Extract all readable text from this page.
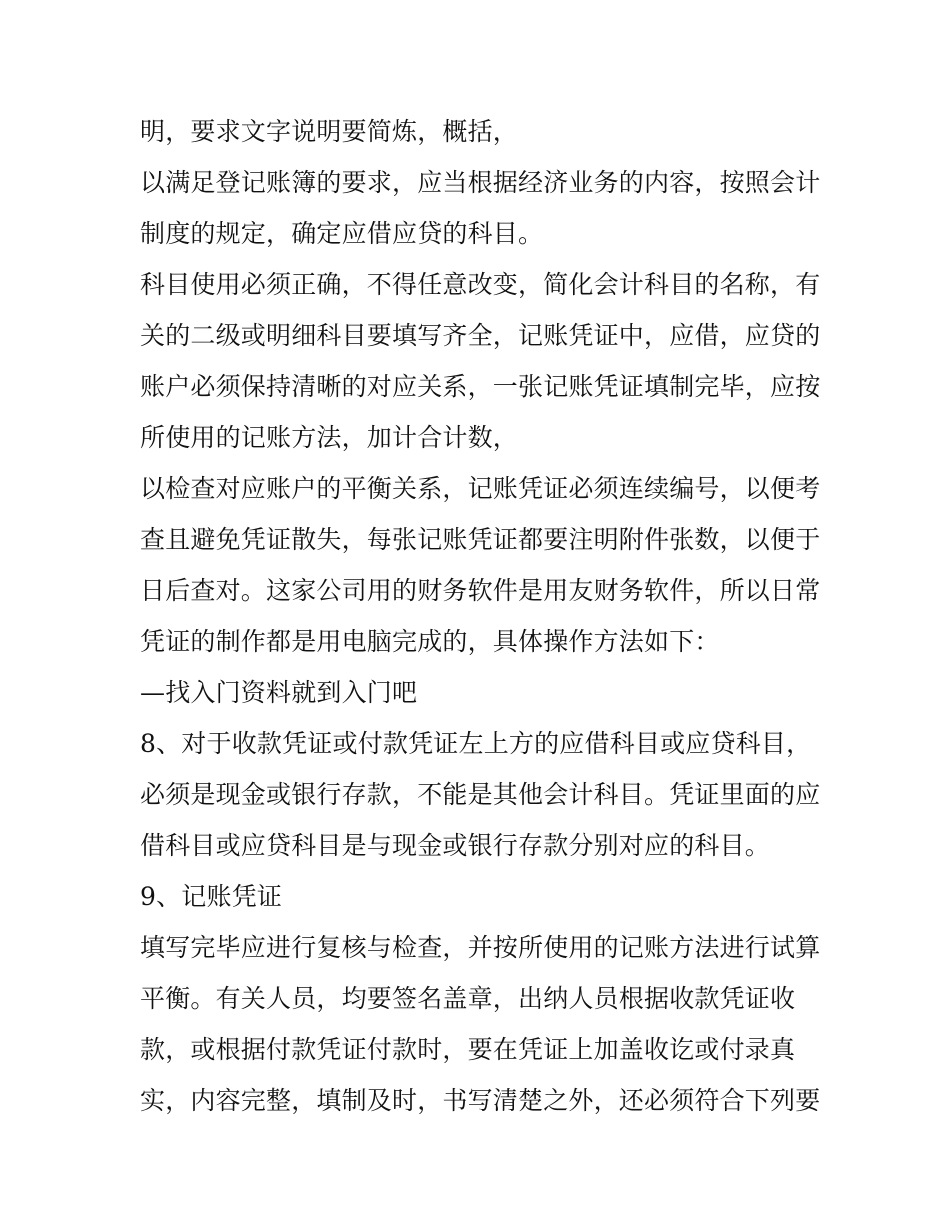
明，要求文字说明要简炼，概括，
以满足登记账簿的要求，应当根据经济业务的内容，按照会计
制度的规定，确定应借应贷的科目。
科目使用必须正确，不得任意改变，简化会计科目的名称，有
关的二级或明细科目要填写齐全，记账凭证中，应借，应贷的
账户必须保持清晰的对应关系，一张记账凭证填制完毕，应按
所使用的记账方法，加计合计数，
以检查对应账户的平衡关系，记账凭证必须连续编号，以便考
查且避免凭证散失，每张记账凭证都要注明附件张数，以便于
日后查对。这家公司用的财务软件是用友财务软件，所以日常
凭证的制作都是用电脑完成的，具体操作方法如下：
—找入门资料就到入门吧
8、对于收款凭证或付款凭证左上方的应借科目或应贷科目，
必须是现金或银行存款，不能是其他会计科目。凭证里面的应
借科目或应贷科目是与现金或银行存款分别对应的科目。
9、记账凭证
填写完毕应进行复核与检查，并按所使用的记账方法进行试算
平衡。有关人员，均要签名盖章，出纳人员根据收款凭证收
款，或根据付款凭证付款时，要在凭证上加盖收讫或付录真
实，内容完整，填制及时，书写清楚之外，还必须符合下列要
